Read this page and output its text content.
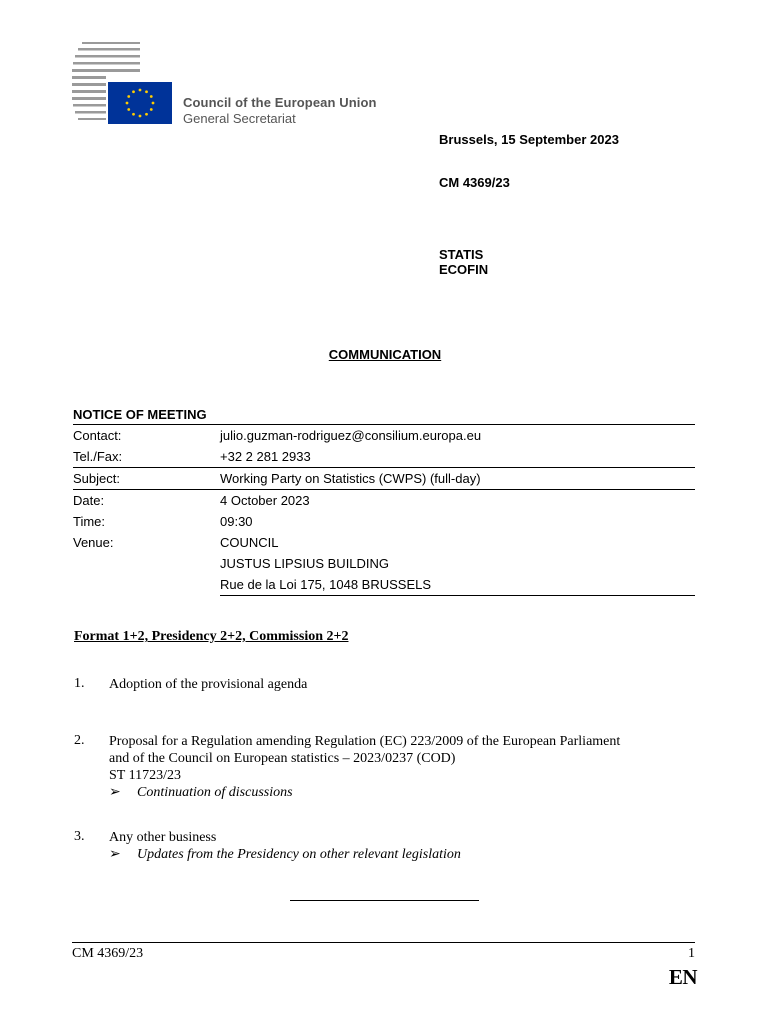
Council of the European Union
General Secretariat
Brussels, 15 September 2023
CM 4369/23
STATIS
ECOFIN
COMMUNICATION
NOTICE OF MEETING
Contact:	julio.guzman-rodriguez@consilium.europa.eu
Tel./Fax:	+32 2 281 2933
Subject:	Working Party on Statistics (CWPS) (full-day)
Date:	4 October 2023
Time:	09:30
Venue:	COUNCIL
JUSTUS LIPSIUS BUILDING
Rue de la Loi 175, 1048 BRUSSELS
Format 1+2, Presidency 2+2, Commission 2+2
1. Adoption of the provisional agenda
2. Proposal for a Regulation amending Regulation (EC) 223/2009 of the European Parliament
and of the Council on European statistics – 2023/0237 (COD)
ST 11723/23
➢ Continuation of discussions
3. Any other business
➢ Updates from the Presidency on other relevant legislation
CM 4369/23	1
EN
